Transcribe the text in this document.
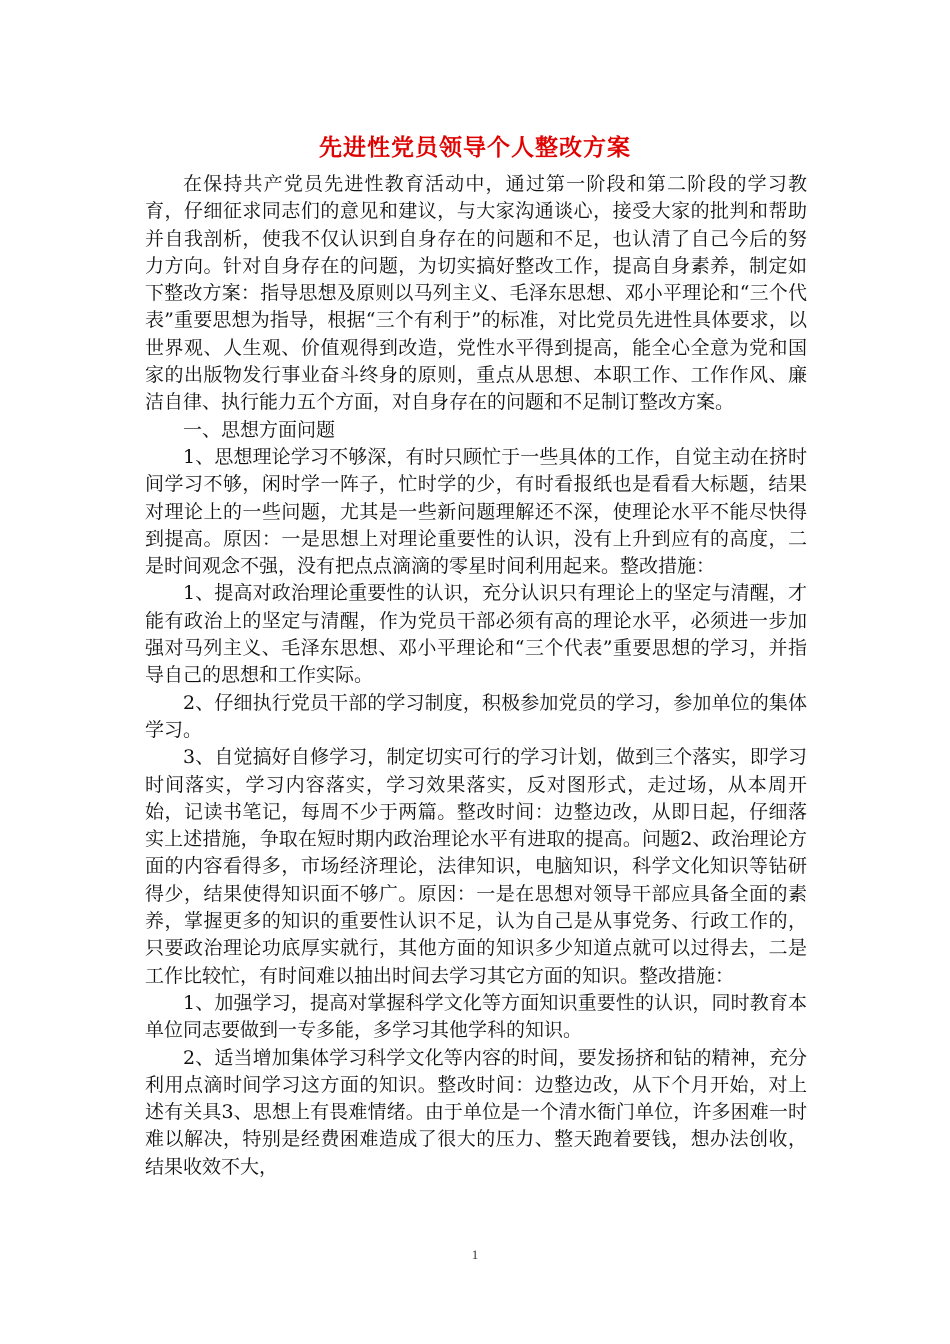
先进性党员领导个人整改方案

在保持共产党员先进性教育活动中，通过第一阶段和第二阶段的学习教育，仔细征求同志们的意见和建议，与大家沟通谈心，接受大家的批判和帮助并自我剖析，使我不仅认识到自身存在的问题和不足，也认清了自己今后的努力方向。针对自身存在的问题，为切实搞好整改工作，提高自身素养，制定如下整改方案：指导思想及原则以马列主义、毛泽东思想、邓小平理论和“三个代表”重要思想为指导，根据“三个有利于”的标准，对比党员先进性具体要求，以世界观、人生观、价值观得到改造，党性水平得到提高，能全心全意为党和国家的出版物发行事业奋斗终身的原则，重点从思想、本职工作、工作作风、廉洁自律、执行能力五个方面，对自身存在的问题和不足制订整改方案。

一、思想方面问题

1、思想理论学习不够深，有时只顾忙于一些具体的工作，自觉主动在挤时间学习不够，闲时学一阵子，忙时学的少，有时看报纸也是看看大标题，结果对理论上的一些问题，尤其是一些新问题理解还不深，使理论水平不能尽快得到提高。原因：一是思想上对理论重要性的认识，没有上升到应有的高度，二是时间观念不强，没有把点点滴滴的零星时间利用起来。整改措施：

1、提高对政治理论重要性的认识，充分认识只有理论上的坚定与清醒，才能有政治上的坚定与清醒，作为党员干部必须有高的理论水平，必须进一步加强对马列主义、毛泽东思想、邓小平理论和“三个代表”重要思想的学习，并指导自己的思想和工作实际。

2、仔细执行党员干部的学习制度，积极参加党员的学习，参加单位的集体学习。

3、自觉搞好自修学习，制定切实可行的学习计划，做到三个落实，即学习时间落实，学习内容落实，学习效果落实，反对图形式，走过场，从本周开始，记读书笔记，每周不少于两篇。整改时间：边整边改，从即日起，仔细落实上述措施，争取在短时期内政治理论水平有进取的提高。问题2、政治理论方面的内容看得多，市场经济理论，法律知识，电脑知识，科学文化知识等钻研得少，结果使得知识面不够广。原因：一是在思想对领导干部应具备全面的素养，掌握更多的知识的重要性认识不足，认为自己是从事党务、行政工作的，只要政治理论功底厚实就行，其他方面的知识多少知道点就可以过得去，二是工作比较忙，有时间难以抽出时间去学习其它方面的知识。整改措施：

1、加强学习，提高对掌握科学文化等方面知识重要性的认识，同时教育本单位同志要做到一专多能，多学习其他学科的知识。

2、适当增加集体学习科学文化等内容的时间，要发扬挤和钻的精神，充分利用点滴时间学习这方面的知识。整改时间：边整边改，从下个月开始，对上述有关具3、思想上有畏难情绪。由于单位是一个清水衙门单位，许多困难一时难以解决，特别是经费困难造成了很大的压力、整天跑着要钱，想办法创收，结果收效不大，

1
